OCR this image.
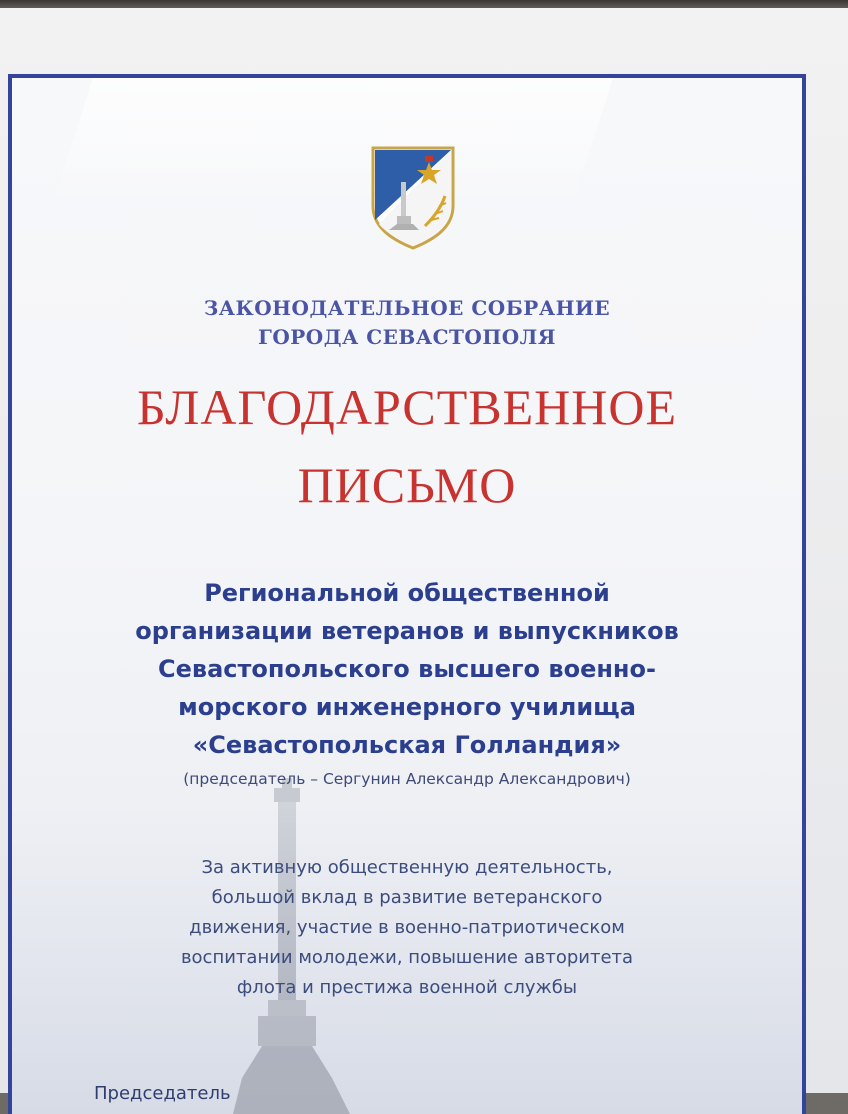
ЗАКОНОДАТЕЛЬНОЕ СОБРАНИЕ
ГОРОДА СЕВАСТОПОЛЯ
БЛАГОДАРСТВЕННОЕ
ПИСЬМО
Региональной общественной
организации ветеранов и выпускников
Севастопольского высшего военно-
морского инженерного училища
«Севастопольская Голландия»
(председатель – Сергунин Александр Александрович)
За активную общественную деятельность,
большой вклад в развитие ветеранского
движения, участие в военно-патриотическом
воспитании молодежи, повышение авторитета
флота и престижа военной службы
Председатель
